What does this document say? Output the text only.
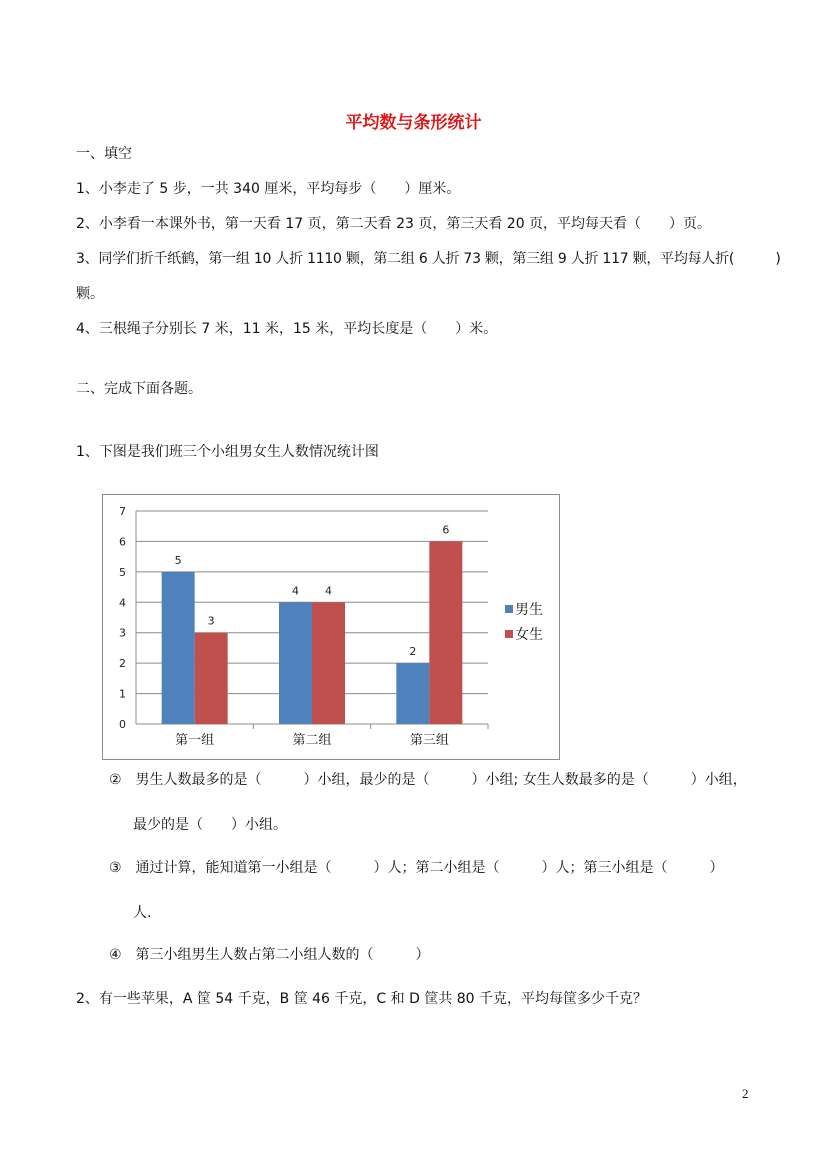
平均数与条形统计
一、填空
1、小李走了 5 步，一共 340 厘米，平均每步（　　）厘米。
2、小李看一本课外书，第一天看 17 页，第二天看 23 页，第三天看 20 页，平均每天看（　　）页。
3、同学们折千纸鹤，第一组 10 人折 1110 颗，第二组 6 人折 73 颗，第三组 9 人折 117 颗，平均每人折(　　　)
颗。
4、三根绳子分别长 7 米，11 米，15 米，平均长度是（　　）米。
二、完成下面各题。
1、下图是我们班三个小组男女生人数情况统计图
0
1
2
3
4
5
6
7
第一组
5
3
第二组
4 4
第三组
2
6
男生
女生
②　男生人数最多的是（　　　）小组，最少的是（　　　）小组; 女生人数最多的是（　　　）小组，
最少的是（　　）小组。
③　通过计算，能知道第一小组是（　　　）人；第二小组是（　　　）人；第三小组是（　　　）
人.
④　第三小组男生人数占第二小组人数的（　　　）
2、有一些苹果，A 筐 54 千克，B 筐 46 千克，C 和 D 筐共 80 千克，平均每筐多少千克？
2
